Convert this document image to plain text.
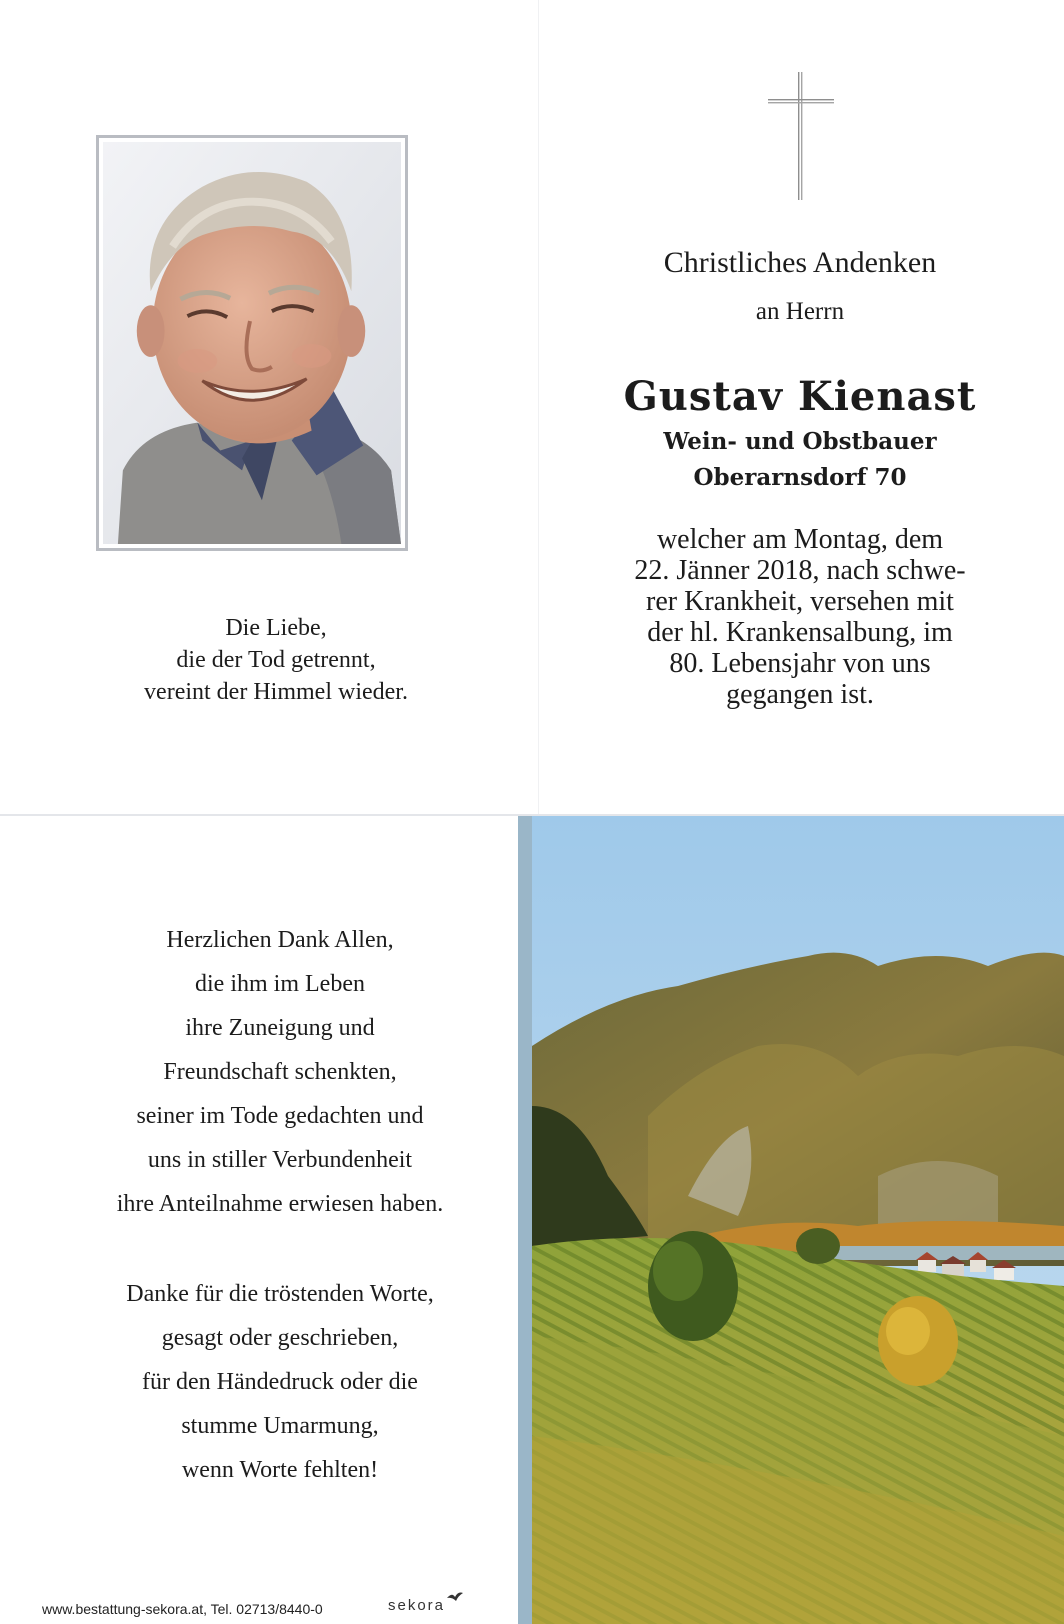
Die Liebe,
die der Tod getrennt,
vereint der Himmel wieder.
Christliches Andenken
an Herrn
Gustav Kienast
Wein- und Obstbauer
Oberarnsdorf 70
welcher am Montag, dem
22. Jänner 2018, nach schwe-
rer Krankheit, versehen mit
der hl. Krankensalbung, im
80. Lebensjahr von uns
gegangen ist.
Herzlichen Dank Allen,
die ihm im Leben
ihre Zuneigung und
Freundschaft schenkten,
seiner im Tode gedachten und
uns in stiller Verbundenheit
ihre Anteilnahme erwiesen haben.
Danke für die tröstenden Worte,
gesagt oder geschrieben,
für den Händedruck oder die
stumme Umarmung,
wenn Worte fehlten!
www.bestattung-sekora.at, Tel. 02713/8440-0	sekora
